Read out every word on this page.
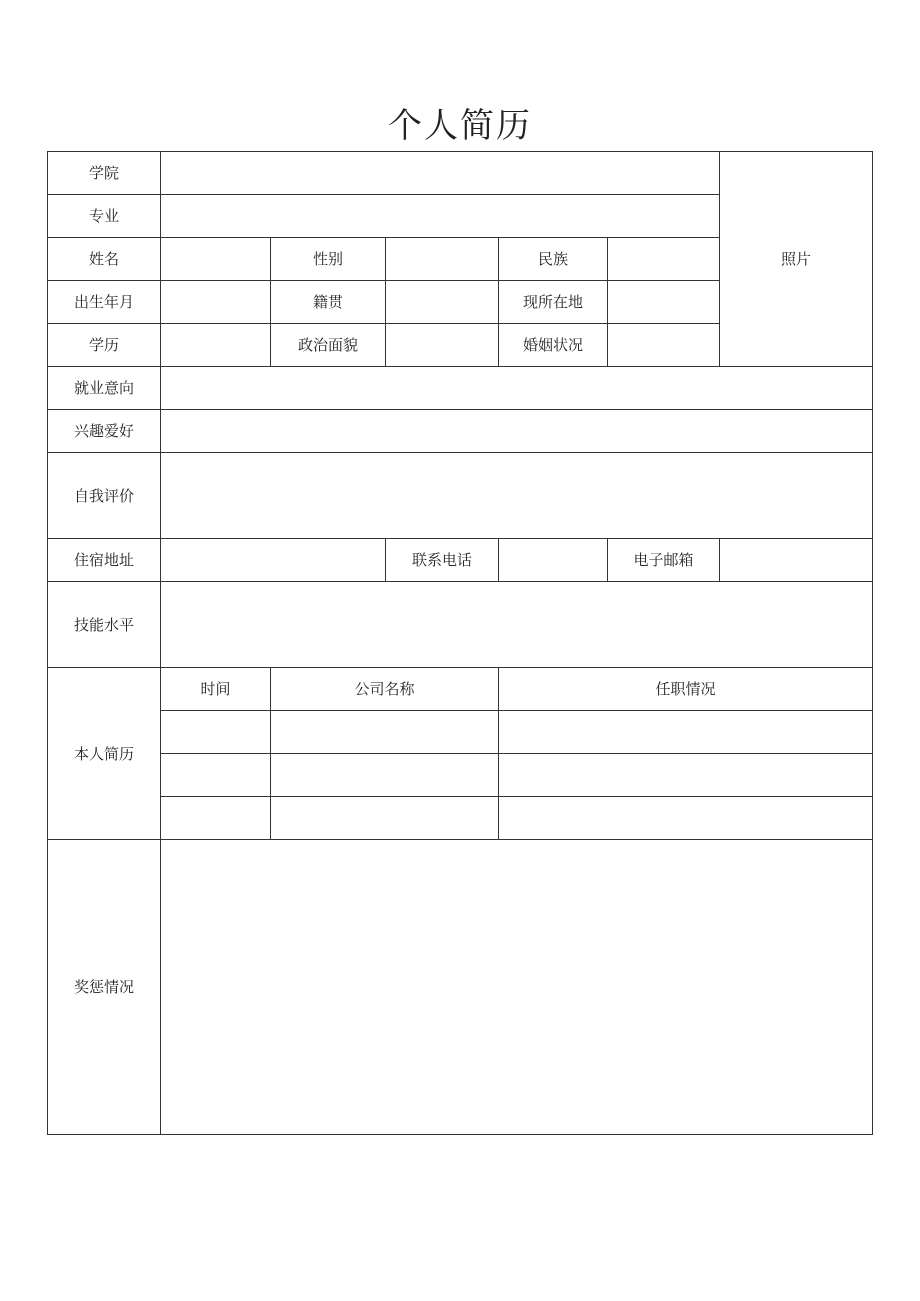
个人简历
学院						照片
专业						
姓名		性别		民族		
出生年月		籍贯		现所在地		
学历		政治面貌		婚姻状况		
就业意向						
兴趣爱好						
自我评价						
住宿地址			联系电话		电子邮箱	
技能水平						
本人简历	时间	公司名称		任职情况		

奖惩情况						
